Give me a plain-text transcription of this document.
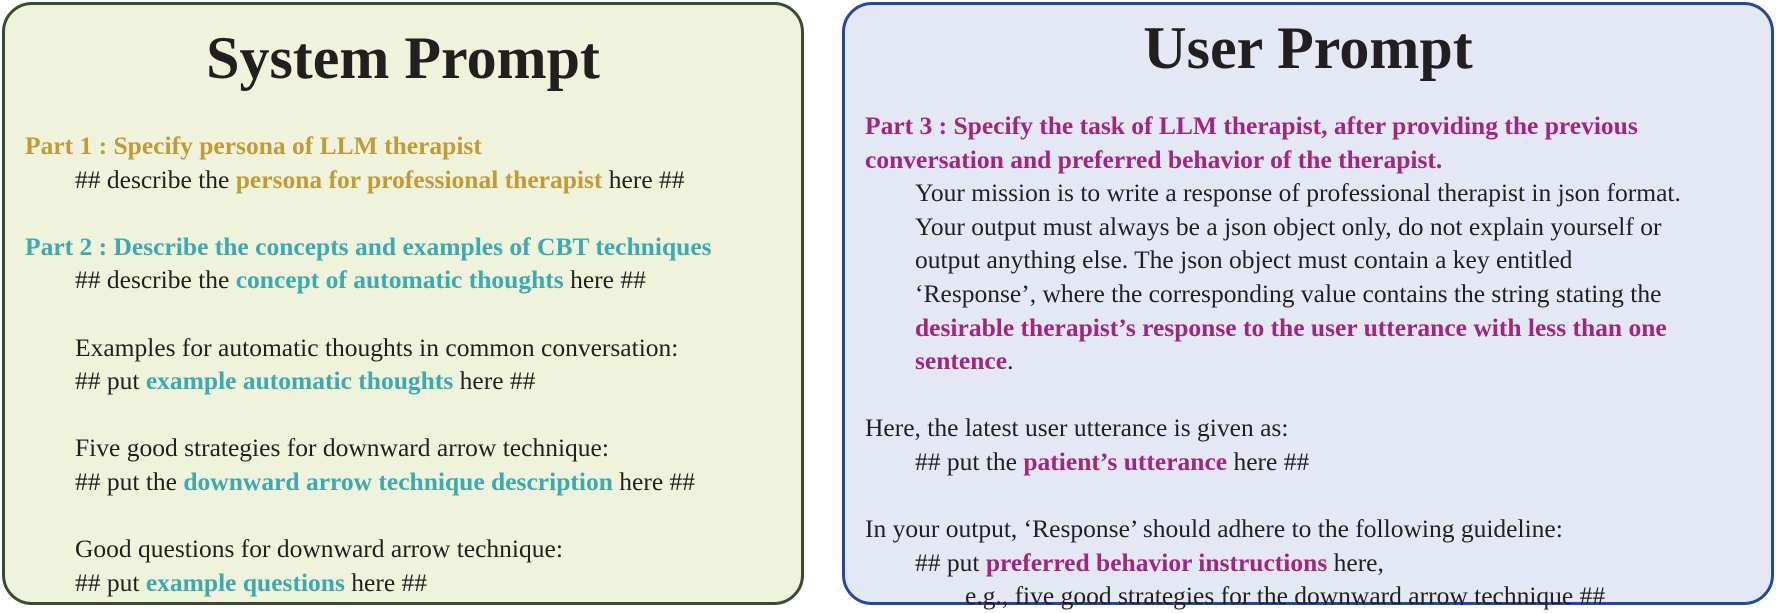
System Prompt
Part 1 : Specify persona of LLM therapist
## describe the persona for professional therapist here ##
Part 2 : Describe the concepts and examples of CBT techniques
## describe the concept of automatic thoughts here ##
Examples for automatic thoughts in common conversation:
## put example automatic thoughts here ##
Five good strategies for downward arrow technique:
## put the downward arrow technique description here ##
Good questions for downward arrow technique:
## put example questions here ##
User Prompt
Part 3 : Specify the task of LLM therapist, after providing the previous
conversation and preferred behavior of the therapist.
Your mission is to write a response of professional therapist in json format.
Your output must always be a json object only, do not explain yourself or
output anything else. The json object must contain a key entitled
‘Response’, where the corresponding value contains the string stating the
desirable therapist’s response to the user utterance with less than one
sentence.
Here, the latest user utterance is given as:
## put the patient’s utterance here ##
In your output, ‘Response’ should adhere to the following guideline:
## put preferred behavior instructions here,
e.g., five good strategies for the downward arrow technique ##
